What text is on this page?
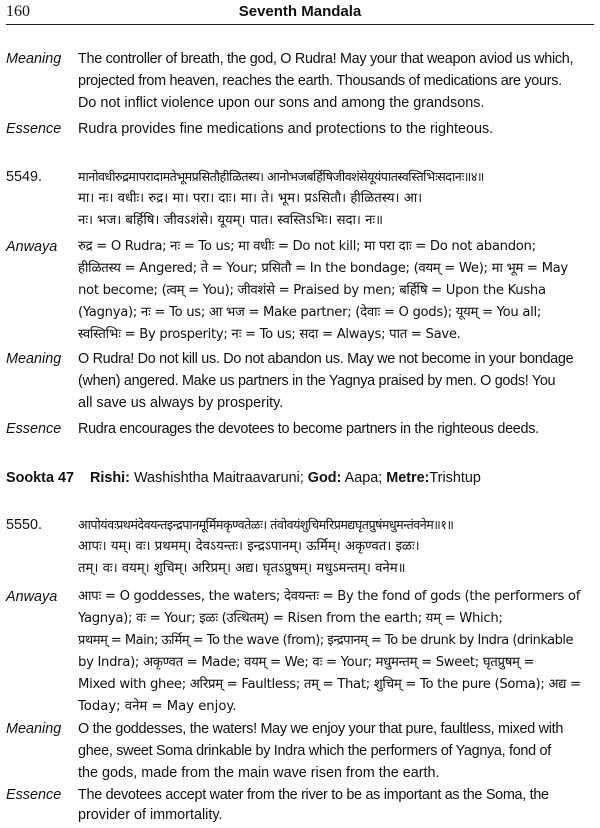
160	Seventh Mandala
Meaning The controller of breath, the god, O Rudra! May your that weapon aviod us which,
projected from heaven, reaches the earth. Thousands of medications are yours.
Do not inflict violence upon our sons and among the grandsons.
Essence Rudra provides fine medications and protections to the righteous.
5549.	मानोवधीरुद्रमापरादामतेभूमप्रसितौहीळितस्य। आनोभजबर्हिषिजीवशंसेयूयंपातस्वस्तिभिःसदानः॥४॥
मा। नः। वधीः। रुद्र। मा। परा। दाः। मा। ते। भूम। प्रऽसितौ। हीळितस्य। आ।
नः। भज। बर्हिषि। जीवऽशंसे। यूयम्। पात। स्वस्तिऽभिः। सदा। नः॥
Anwaya रुद्र = O Rudra; नः = To us; मा वधीः = Do not kill; मा परा दाः = Do not abandon;
हीळितस्य = Angered; ते = Your; प्रसितौ = In the bondage; (वयम् = We); मा भूम = May
not become; (त्वम् = You); जीवशंसे = Praised by men; बर्हिषि = Upon the Kusha
(Yagnya); नः = To us; आ भज = Make partner; (देवाः = O gods); यूयम् = You all;
स्वस्तिभिः = By prosperity; नः = To us; सदा = Always; पात = Save.
Meaning O Rudra! Do not kill us. Do not abandon us. May we not become in your bondage
(when) angered. Make us partners in the Yagnya praised by men. O gods! You
all save us always by prosperity.
Essence Rudra encourages the devotees to become partners in the righteous deeds.
Sookta 47 Rishi: Washishtha Maitraavaruni; God: Aapa; Metre:Trishtup
5550.	आपोयंवःप्रथमंदेवयन्तइन्द्रपानमूर्मिमकृण्वतेळः। तंवोवयंशुचिमरिप्रमद्यघृतप्रुषंमधुमन्तंवनेम॥१॥
आपः। यम्। वः। प्रथमम्। देवऽयन्तः। इन्द्रऽपानम्। ऊर्मिम्। अकृण्वत। इळः।
तम्। वः। वयम्। शुचिम्। अरिप्रम्। अद्य। घृतऽप्रुषम्। मधुऽमन्तम्। वनेम॥
Anwaya आपः = O goddesses, the waters; देवयन्तः = By the fond of gods (the performers of
Yagnya); वः = Your; इळः (उत्थितम्) = Risen from the earth; यम् = Which;
प्रथमम् = Main; ऊर्मिम् = To the wave (from); इन्द्रपानम् = To be drunk by Indra (drinkable
by Indra); अकृण्वत = Made; वयम् = We; वः = Your; मधुमन्तम् = Sweet; घृतप्रुषम् =
Mixed with ghee; अरिप्रम् = Faultless; तम् = That; शुचिम् = To the pure (Soma); अद्य =
Today; वनेम = May enjoy.
Meaning O the goddesses, the waters! May we enjoy your that pure, faultless, mixed with
ghee, sweet Soma drinkable by Indra which the performers of Yagnya, fond of
the gods, made from the main wave risen from the earth.
Essence The devotees accept water from the river to be as important as the Soma, the
provider of immortality.
